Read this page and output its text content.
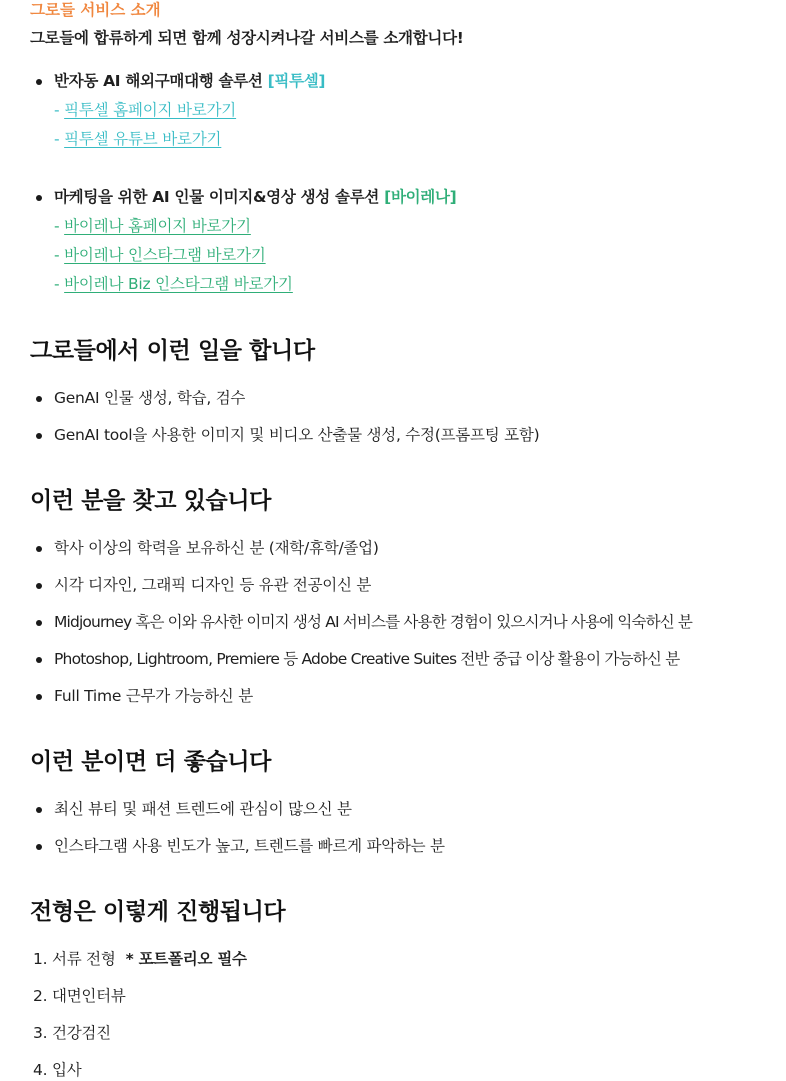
그로들 서비스 소개
그로들에 합류하게 되면 함께 성장시켜나갈 서비스를 소개합니다!
반자동 AI 해외구매대행 솔루션 [픽투셀]
- 픽투셀 홈페이지 바로가기
- 픽투셀 유튜브 바로가기
마케팅을 위한 AI 인물 이미지&영상 생성 솔루션 [바이레나]
- 바이레나 홈페이지 바로가기
- 바이레나 인스타그램 바로가기
- 바이레나 Biz 인스타그램 바로가기
그로들에서 이런 일을 합니다
GenAI 인물 생성, 학습, 검수
GenAI tool을 사용한 이미지 및 비디오 산출물 생성, 수정(프롬프팅 포함)
이런 분을 찾고 있습니다
학사 이상의 학력을 보유하신 분 (재학/휴학/졸업)
시각 디자인, 그래픽 디자인 등 유관 전공이신 분
Midjourney 혹은 이와 유사한 이미지 생성 AI 서비스를 사용한 경험이 있으시거나 사용에 익숙하신 분
Photoshop, Lightroom, Premiere 등 Adobe Creative Suites 전반 중급 이상 활용이 가능하신 분
Full Time 근무가 가능하신 분
이런 분이면 더 좋습니다
최신 뷰티 및 패션 트렌드에 관심이 많으신 분
인스타그램 사용 빈도가 높고, 트렌드를 빠르게 파악하는 분
전형은 이렇게 진행됩니다
1. 서류 전형 * 포트폴리오 필수
2. 대면인터뷰
3. 건강검진
4. 입사
